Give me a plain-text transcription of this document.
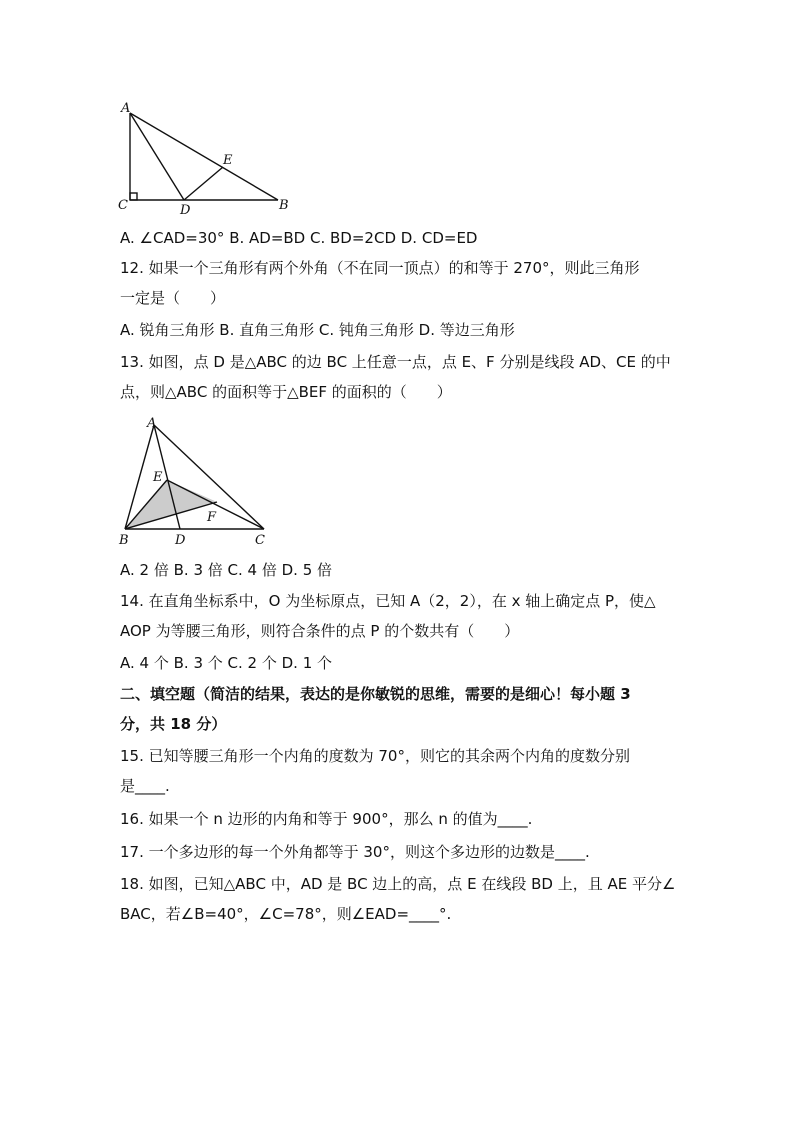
A
E
C	D	B
A. ∠CAD=30° B. AD=BD C. BD=2CD D. CD=ED
12. 如果一个三角形有两个外角（不在同一顶点）的和等于 270°，则此三角形
一定是（　　）
A. 锐角三角形 B. 直角三角形 C. 钝角三角形 D. 等边三角形
13. 如图，点 D 是△ABC 的边 BC 上任意一点，点 E、F 分别是线段 AD、CE 的中
点，则△ABC 的面积等于△BEF 的面积的（　　）
A
E
F
B	D	C
A. 2 倍 B. 3 倍 C. 4 倍 D. 5 倍
14. 在直角坐标系中，O 为坐标原点，已知 A（2，2），在 x 轴上确定点 P，使△
AOP 为等腰三角形，则符合条件的点 P 的个数共有（　　）
A. 4 个 B. 3 个 C. 2 个 D. 1 个
二、填空题（简洁的结果，表达的是你敏锐的思维，需要的是细心！每小题 3
分，共 18 分）
15. 已知等腰三角形一个内角的度数为 70°，则它的其余两个内角的度数分别
是____.
16. 如果一个 n 边形的内角和等于 900°，那么 n 的值为____.
17. 一个多边形的每一个外角都等于 30°，则这个多边形的边数是____.
18. 如图，已知△ABC 中，AD 是 BC 边上的高，点 E 在线段 BD 上，且 AE 平分∠
BAC，若∠B=40°，∠C=78°，则∠EAD=____°.
